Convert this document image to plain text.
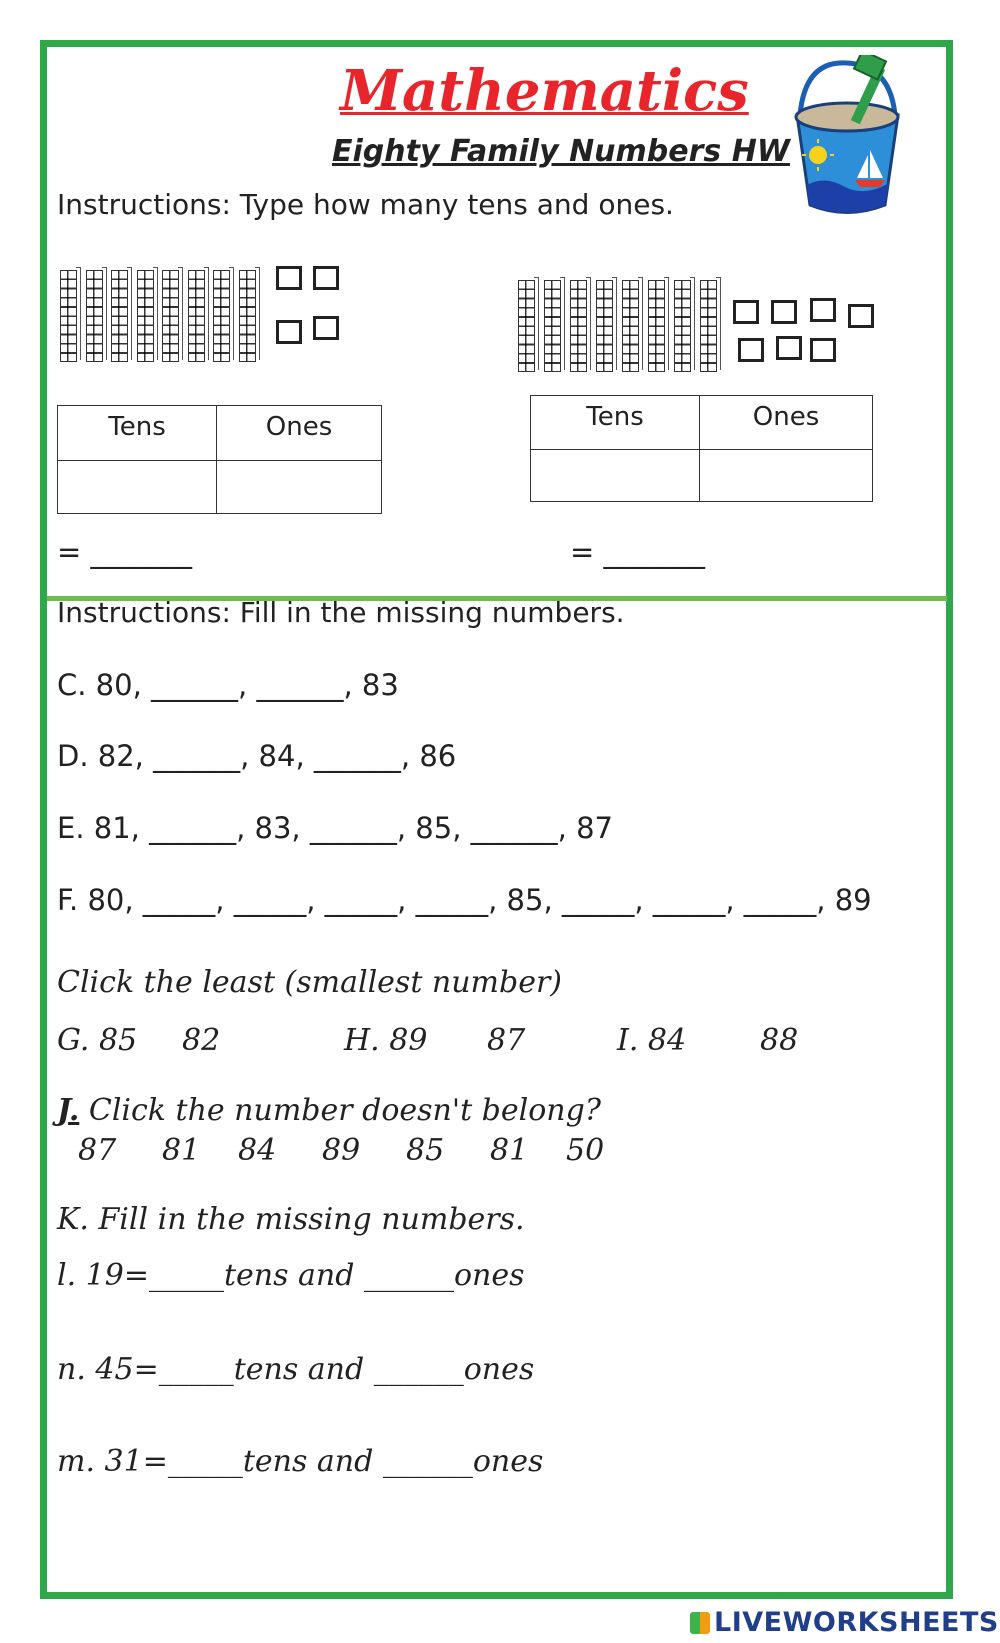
Mathematics
Eighty Family Numbers HW
Instructions: Type how many tens and ones.
Tens	Ones
		Tens	Ones

= _______	= _______
Instructions: Fill in the missing numbers.
C. 80, ______, ______, 83
D. 82, ______, 84, ______, 86
E. 81, ______, 83, ______, 85, ______, 87
F. 80, _____, _____, _____, _____, 85, _____, _____, _____, 89
Click the least (smallest number)
G. 85 82	H. 89 87	I. 84 88
J. Click the number doesn't belong?
87 81 84 89 85 81 50
K. Fill in the missing numbers.
l. 19=_____tens and ______ones
n. 45=_____tens and ______ones
m. 31=_____tens and ______ones
LIVEWORKSHEETS
